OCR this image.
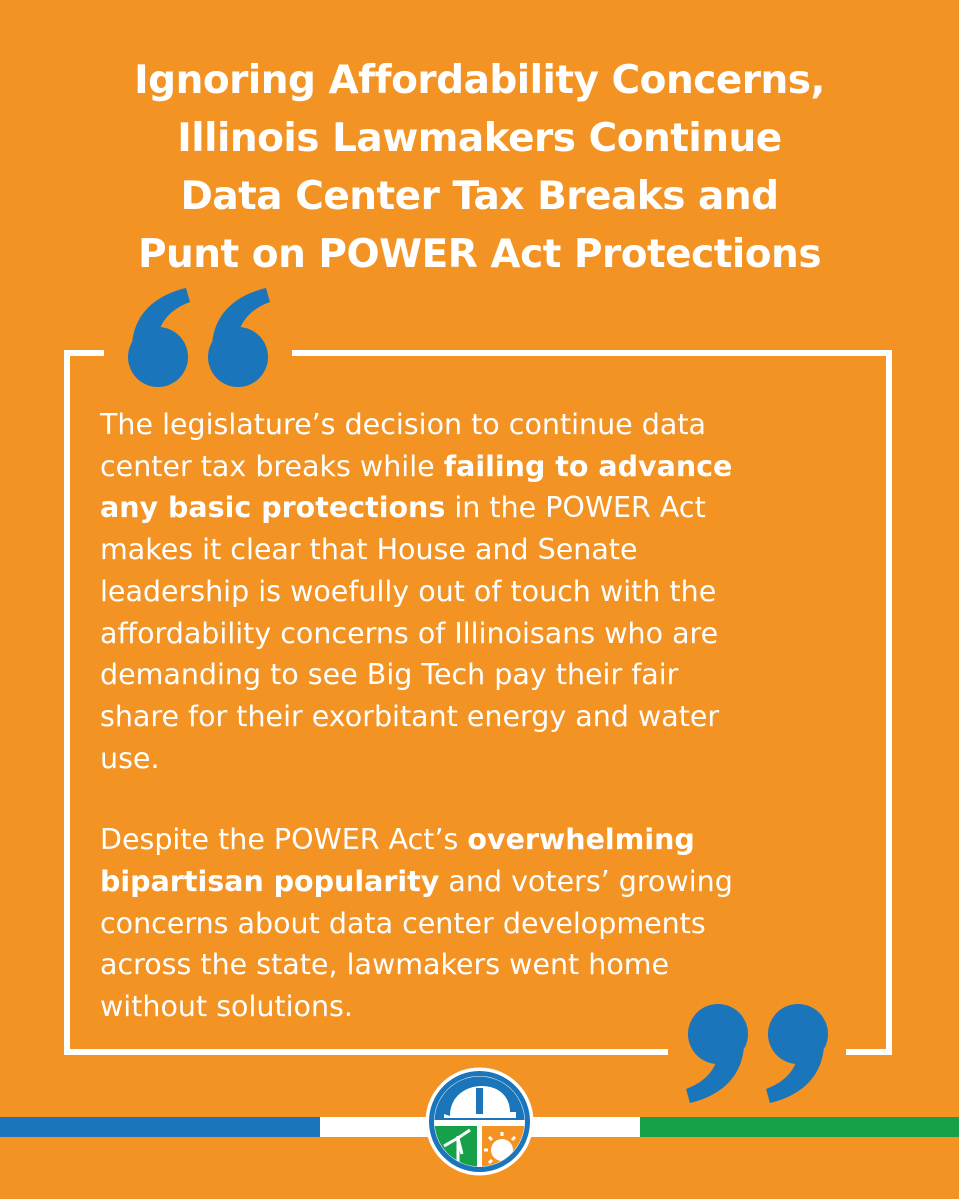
Ignoring Affordability Concerns,
Illinois Lawmakers Continue
Data Center Tax Breaks and
Punt on POWER Act Protections
The legislature’s decision to continue data
center tax breaks while failing to advance
any basic protections in the POWER Act
makes it clear that House and Senate
leadership is woefully out of touch with the
affordability concerns of Illinoisans who are
demanding to see Big Tech pay their fair
share for their exorbitant energy and water
use.
Despite the POWER Act’s overwhelming
bipartisan popularity and voters’ growing
concerns about data center developments
across the state, lawmakers went home
without solutions.
